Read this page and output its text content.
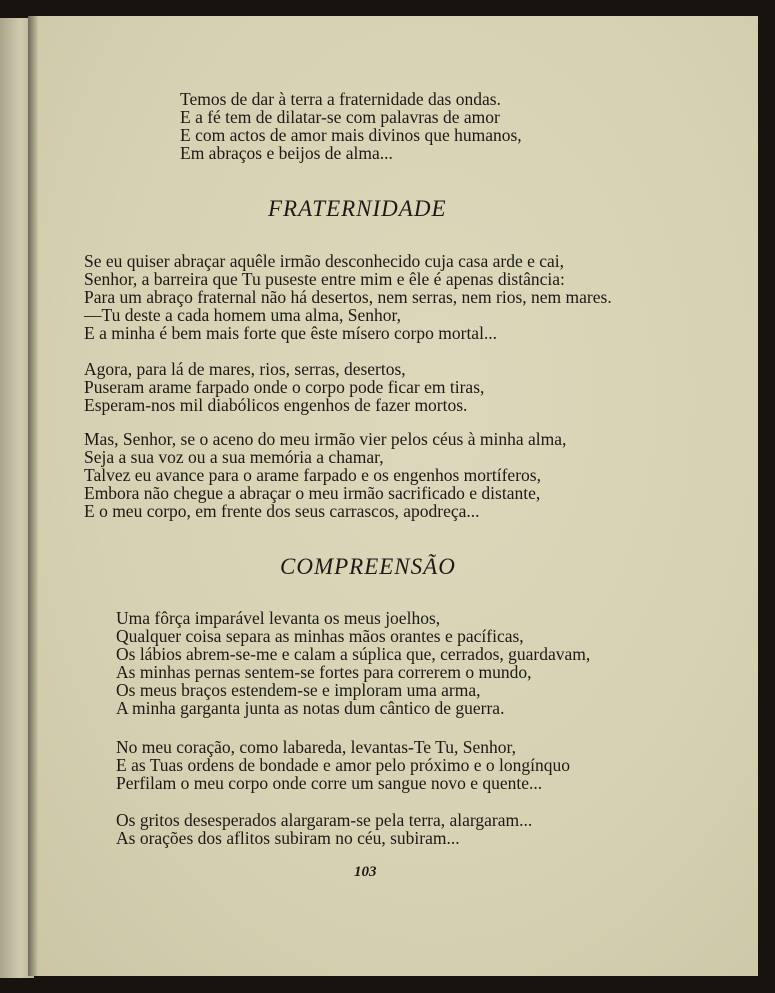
Temos de dar à terra a fraternidade das ondas.
E a fé tem de dilatar-se com palavras de amor
E com actos de amor mais divinos que humanos,
Em abraços e beijos de alma...
FRATERNIDADE
Se eu quiser abraçar aquêle irmão desconhecido cuja casa arde e cai,
Senhor, a barreira que Tu puseste entre mim e êle é apenas distância:
Para um abraço fraternal não há desertos, nem serras, nem rios, nem mares.
—Tu deste a cada homem uma alma, Senhor,
E a minha é bem mais forte que êste mísero corpo mortal...
Agora, para lá de mares, rios, serras, desertos,
Puseram arame farpado onde o corpo pode ficar em tiras,
Esperam-nos mil diabólicos engenhos de fazer mortos.
Mas, Senhor, se o aceno do meu irmão vier pelos céus à minha alma,
Seja a sua voz ou a sua memória a chamar,
Talvez eu avance para o arame farpado e os engenhos mortíferos,
Embora não chegue a abraçar o meu irmão sacrificado e distante,
E o meu corpo, em frente dos seus carrascos, apodreça...
COMPREENSÃO
Uma fôrça imparável levanta os meus joelhos,
Qualquer coisa separa as minhas mãos orantes e pacíficas,
Os lábios abrem-se-me e calam a súplica que, cerrados, guardavam,
As minhas pernas sentem-se fortes para correrem o mundo,
Os meus braços estendem-se e imploram uma arma,
A minha garganta junta as notas dum cântico de guerra.
No meu coração, como labareda, levantas-Te Tu, Senhor,
E as Tuas ordens de bondade e amor pelo próximo e o longínquo
Perfilam o meu corpo onde corre um sangue novo e quente...
Os gritos desesperados alargaram-se pela terra, alargaram...
As orações dos aflitos subiram no céu, subiram...
103
